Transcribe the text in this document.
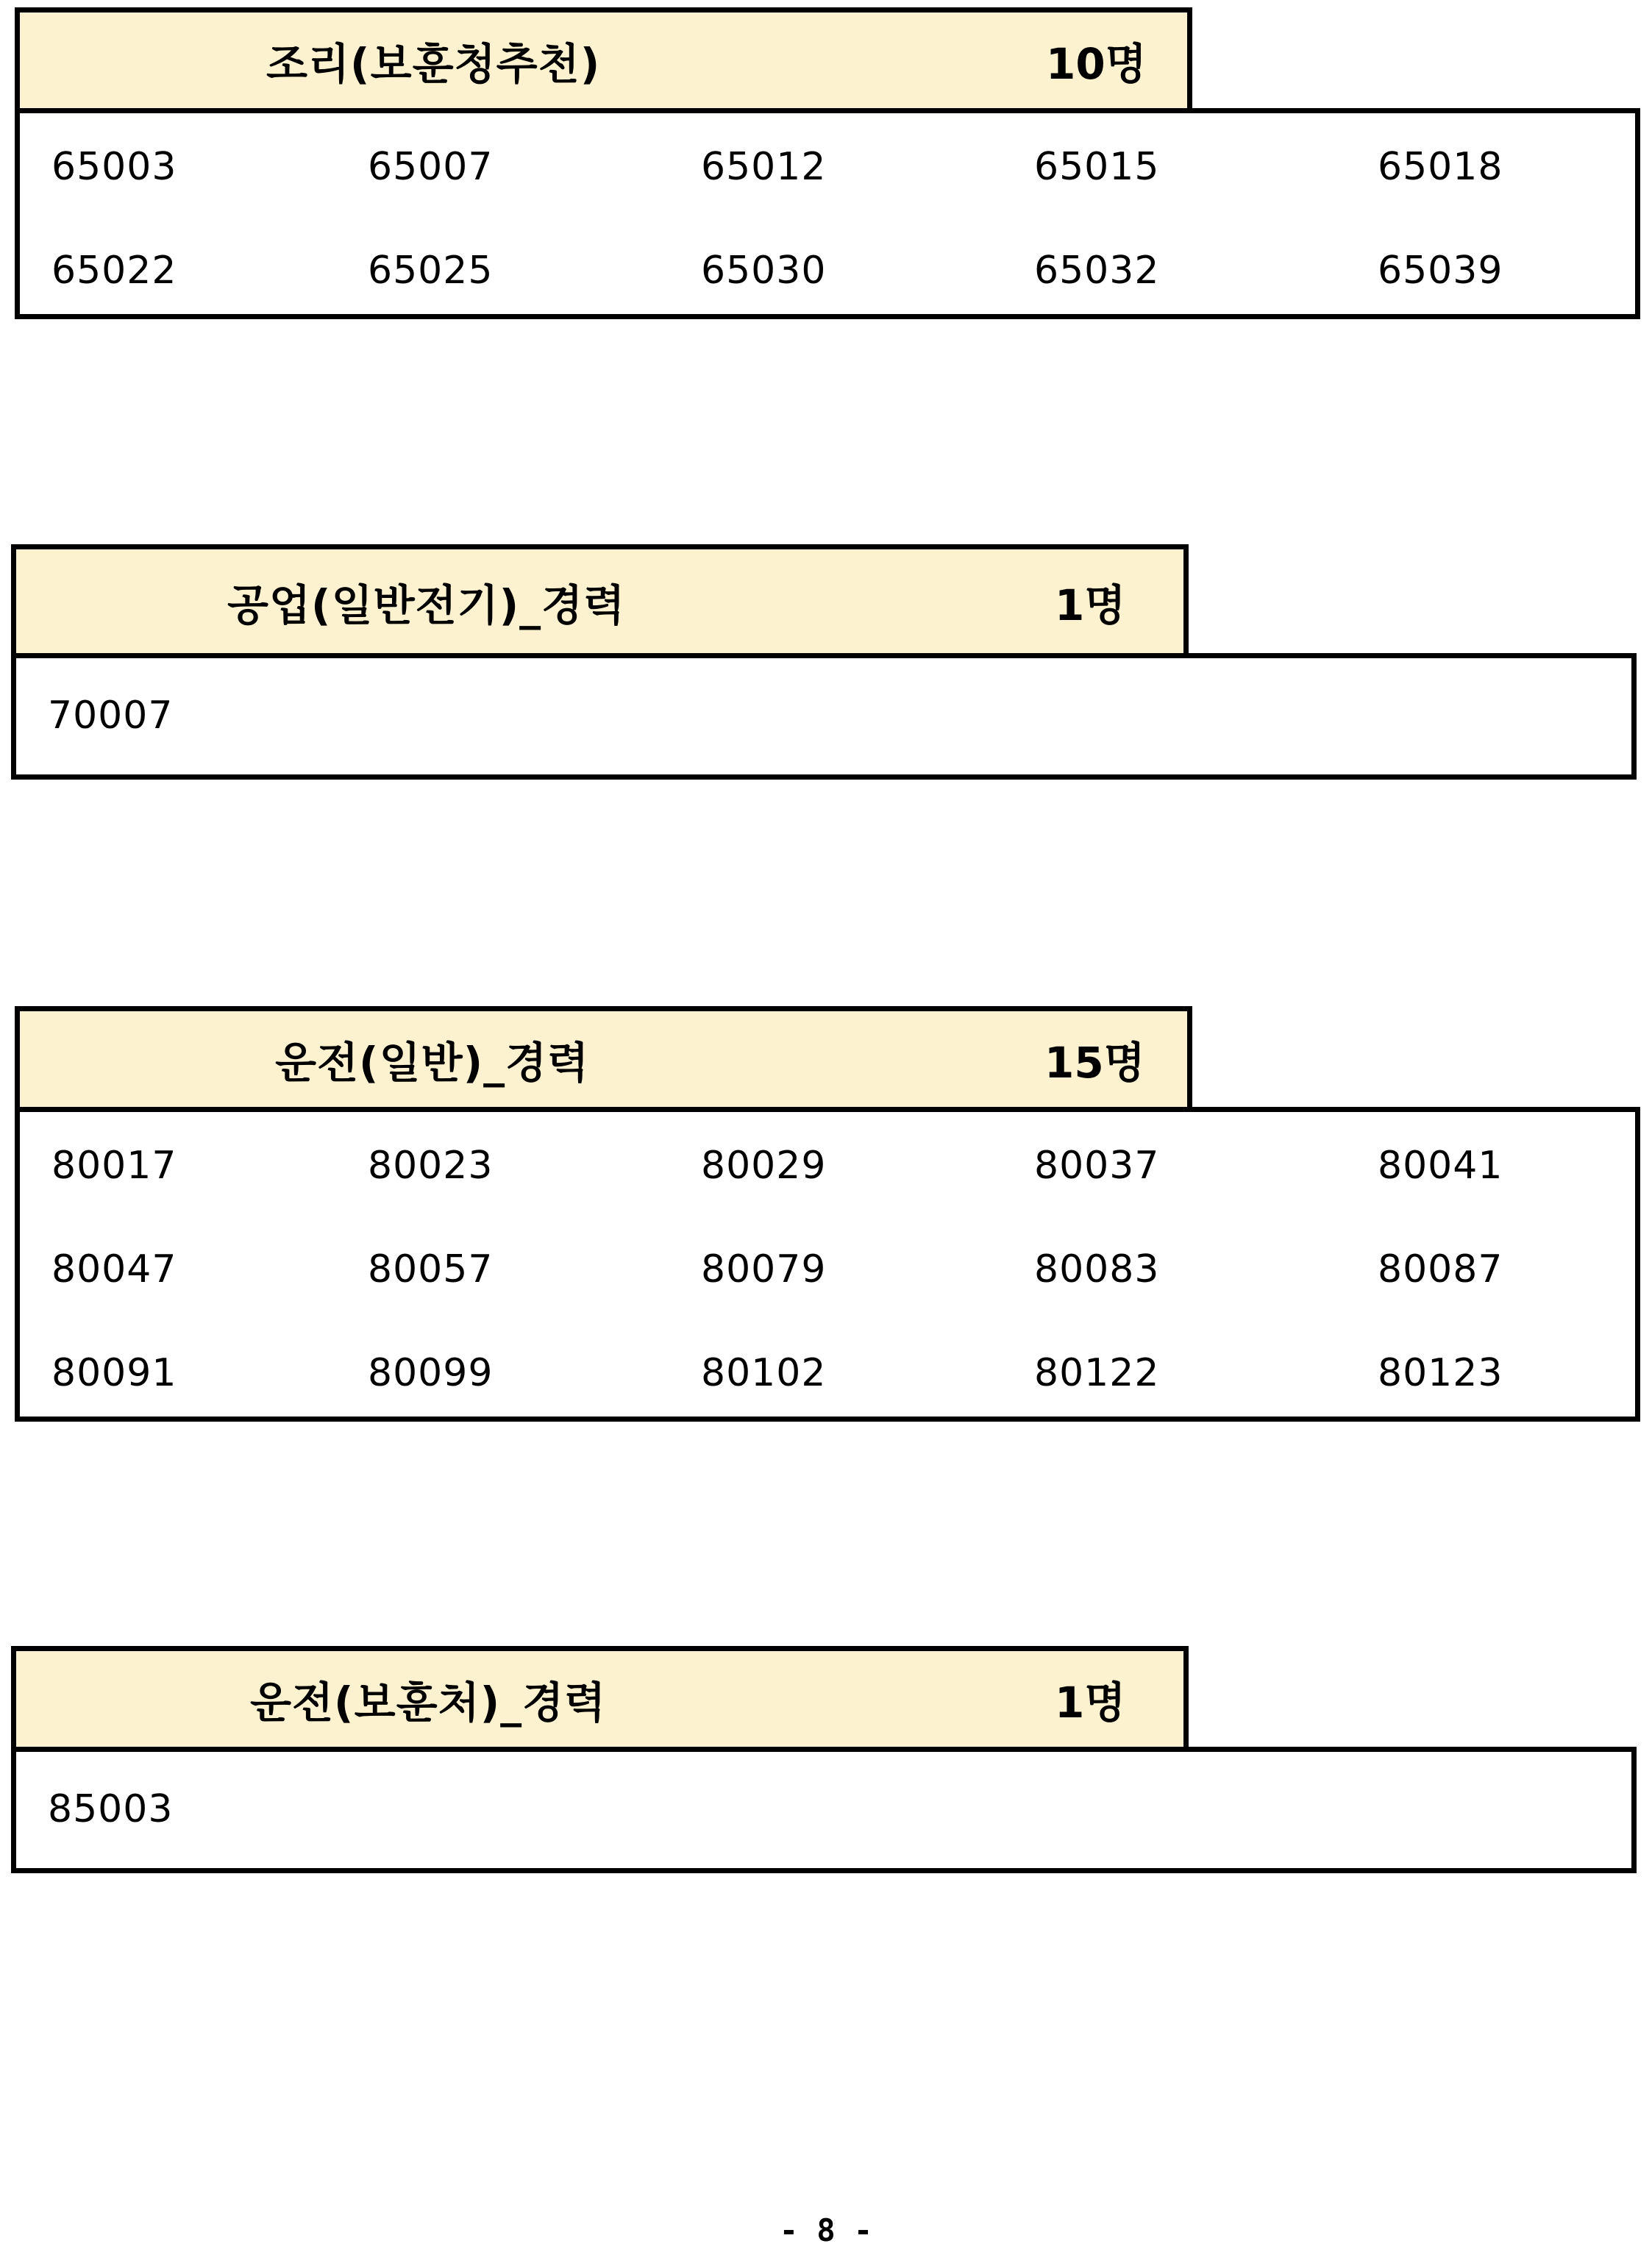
조리(보훈청추천)	10명
65003	65007	65012	65015	65018
65022	65025	65030	65032	65039
공업(일반전기)_경력	1명
70007
운전(일반)_경력	15명
80017	80023	80029	80037	80041
80047	80057	80079	80083	80087
80091	80099	80102	80122	80123
운전(보훈처)_경력	1명
85003
- 8 -
